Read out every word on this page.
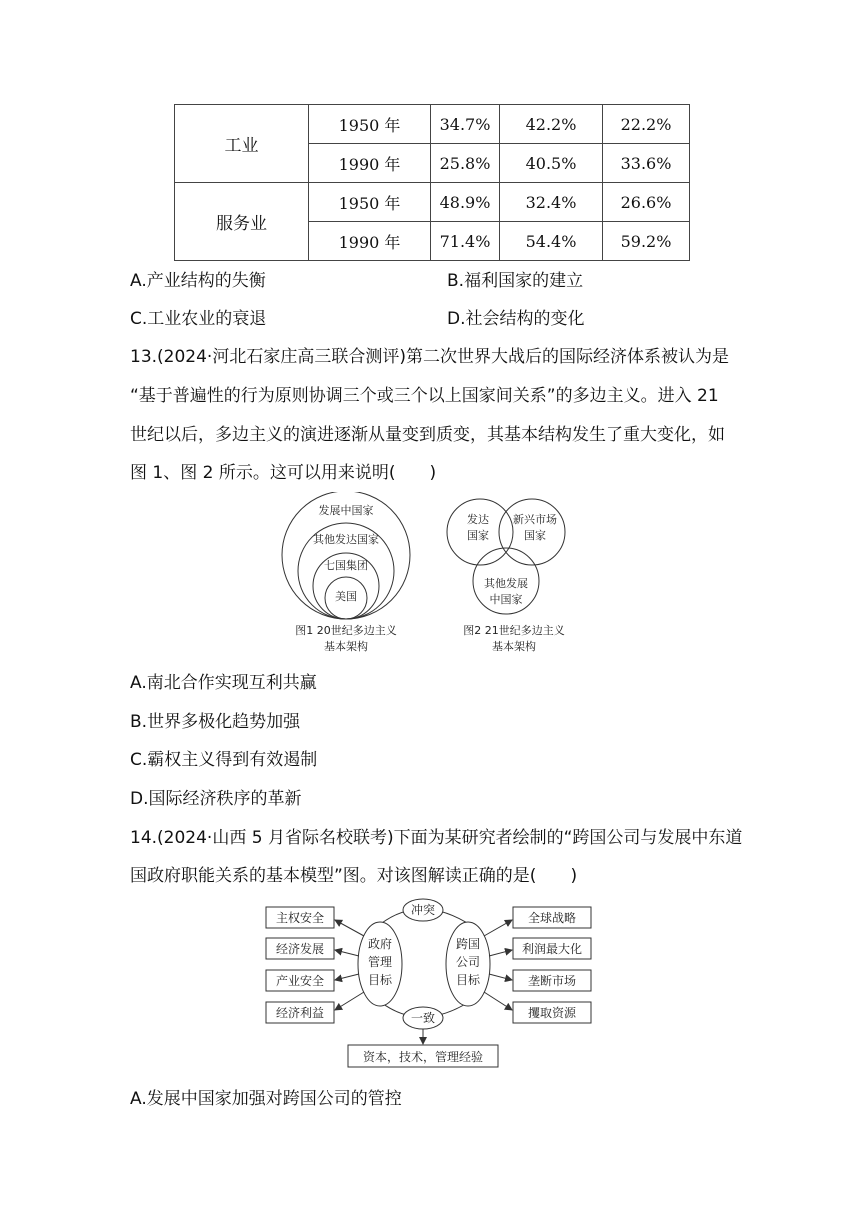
工业	1950 年	34.7%	42.2%	22.2%
	1990 年	25.8%	40.5%	33.6%
服务业	1950 年	48.9%	32.4%	26.6%
	1990 年	71.4%	54.4%	59.2%
A.产业结构的失衡	B.福利国家的建立
C.工业农业的衰退	D.社会结构的变化
13.(2024·河北石家庄高三联合测评)第二次世界大战后的国际经济体系被认为是
“基于普遍性的行为原则协调三个或三个以上国家间关系”的多边主义。进入 21
世纪以后，多边主义的演进逐渐从量变到质变，其基本结构发生了重大变化，如
图 1、图 2 所示。这可以用来说明(　　)
发展中国家
其他发达国家
七国集团
美国
图1 20世纪多边主义
基本架构
发达
国家
新兴市场
国家
其他发展
中国家
图2 21世纪多边主义
基本架构
A.南北合作实现互利共赢
B.世界多极化趋势加强
C.霸权主义得到有效遏制
D.国际经济秩序的革新
14.(2024·山西 5 月省际名校联考)下面为某研究者绘制的“跨国公司与发展中东道
国政府职能关系的基本模型”图。对该图解读正确的是(　　)
主权安全
经济发展
产业安全
经济利益
全球战略
利润最大化
垄断市场
攫取资源
政府
管理
目标
跨国
公司
目标
冲突
一致
资本，技术，管理经验
A.发展中国家加强对跨国公司的管控
